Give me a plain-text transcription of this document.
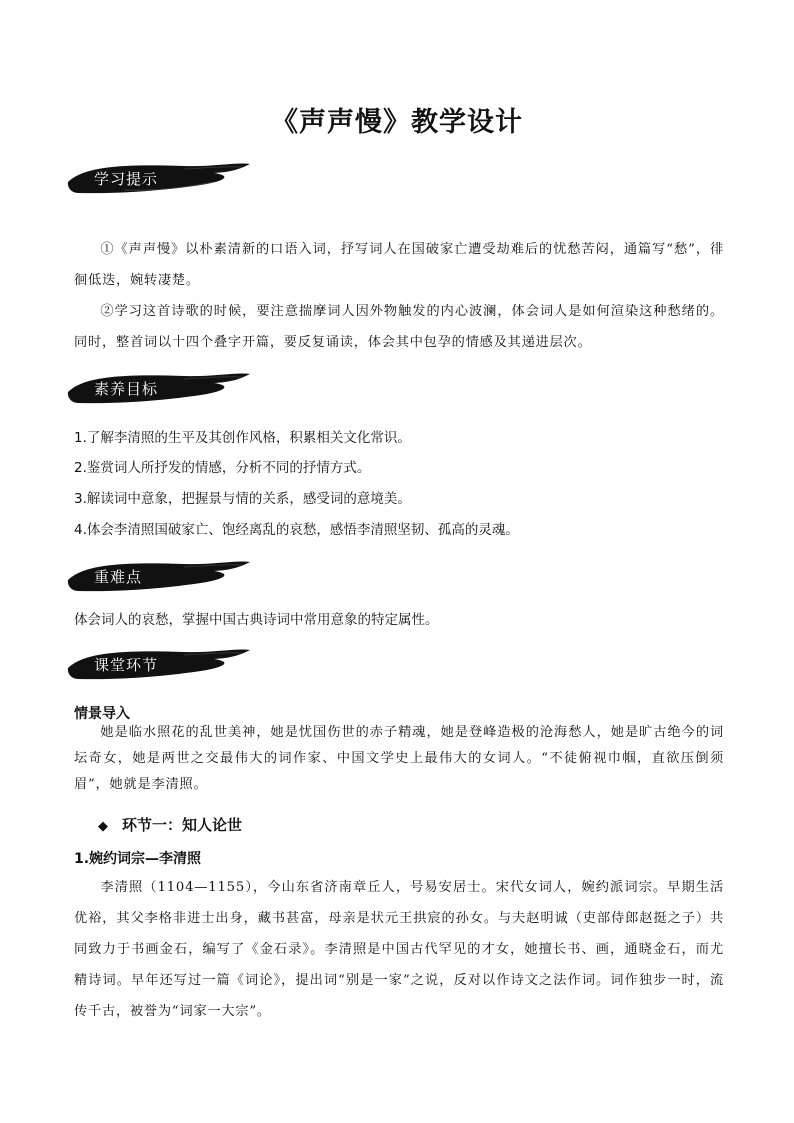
《声声慢》教学设计
学习提示
①《声声慢》以朴素清新的口语入词，抒写词人在国破家亡遭受劫难后的忧愁苦闷，通篇写“愁”，徘徊低迭，婉转凄楚。
②学习这首诗歌的时候，要注意揣摩词人因外物触发的内心波澜，体会词人是如何渲染这种愁绪的。同时，整首词以十四个叠字开篇，要反复诵读，体会其中包孕的情感及其递进层次。
素养目标
1.了解李清照的生平及其创作风格，积累相关文化常识。
2.鉴赏词人所抒发的情感，分析不同的抒情方式。
3.解读词中意象，把握景与情的关系，感受词的意境美。
4.体会李清照国破家亡、饱经离乱的哀愁，感悟李清照坚韧、孤高的灵魂。
重难点
体会词人的哀愁，掌握中国古典诗词中常用意象的特定属性。
课堂环节
情景导入
她是临水照花的乱世美神，她是忧国伤世的赤子精魂，她是登峰造极的沧海愁人，她是旷古绝今的词坛奇女，她是两世之交最伟大的词作家、中国文学史上最伟大的女词人。“不徒俯视巾帼，直欲压倒须眉”，她就是李清照。
◆ 环节一：知人论世
1.婉约词宗—李清照
李清照（1104—1155），今山东省济南章丘人，号易安居士。宋代女词人，婉约派词宗。早期生活优裕，其父李格非进士出身，藏书甚富，母亲是状元王拱宸的孙女。与夫赵明诚（吏部侍郎赵挺之子）共同致力于书画金石，编写了《金石录》。李清照是中国古代罕见的才女，她擅长书、画，通晓金石，而尤精诗词。早年还写过一篇《词论》，提出词“别是一家”之说，反对以作诗文之法作词。词作独步一时，流传千古，被誉为“词家一大宗”。
